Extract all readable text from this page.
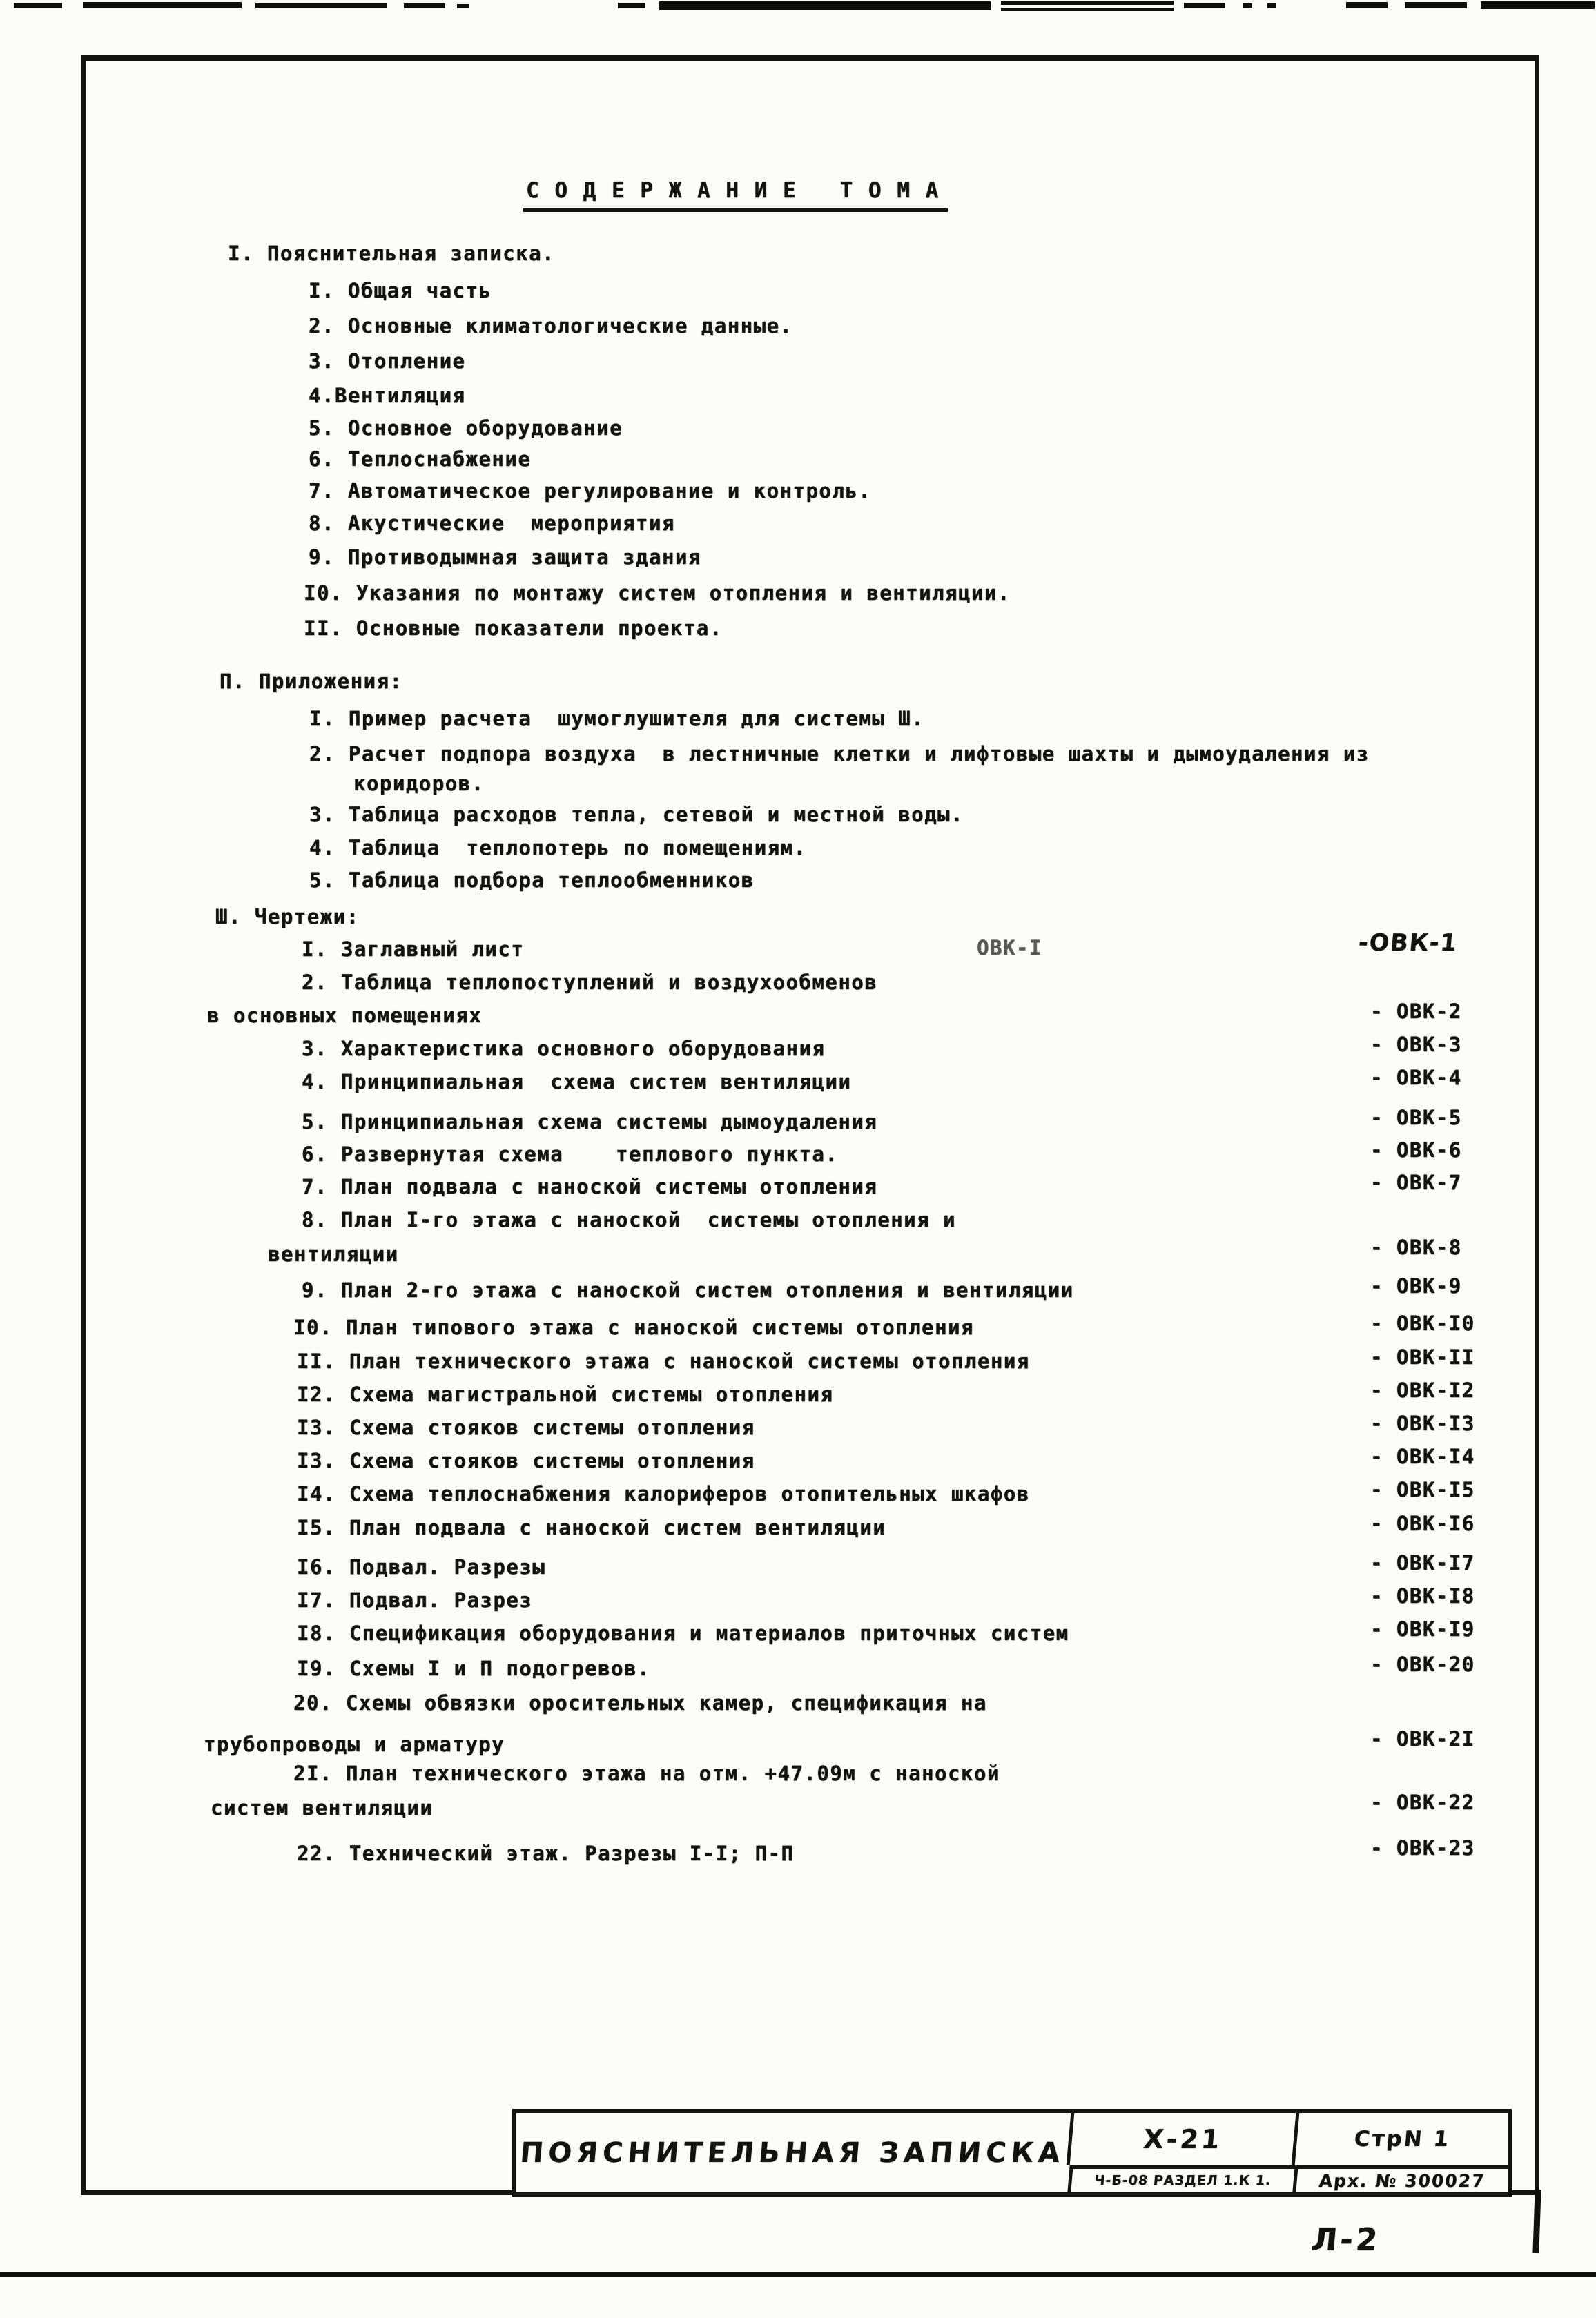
С О Д Е Р Ж А Н И Е   Т О М А
I. Пояснительная записка.
I. Общая часть
2. Основные климатологические данные.
3. Отопление
4.Вентиляция
5. Основное оборудование
6. Теплоснабжение
7. Автоматическое регулирование и контроль.
8. Акустические  мероприятия
9. Противодымная защита здания
I0. Указания по монтажу систем отопления и вентиляции.
II. Основные показатели проекта.
П. Приложения:
I. Пример расчета  шумоглушителя для системы Ш.
2. Расчет подпора воздуха  в лестничные клетки и лифтовые шахты и дымоудаления из
коридоров.
3. Таблица расходов тепла, сетевой и местной воды.
4. Таблица  теплопотерь по помещениям.
5. Таблица подбора теплообменников
Ш. Чертежи:
I. Заглавный лист	ОВК-I	-ОВК-1
2. Таблица теплопоступлений и воздухообменов
в основных помещениях	- ОВК-2
3. Характеристика основного оборудования	- ОВК-3
4. Принципиальная  схема систем вентиляции	- ОВК-4
5. Принципиальная схема системы дымоудаления	- ОВК-5
6. Развернутая схема    теплового пункта.	- ОВК-6
7. План подвала с наноской системы отопления	- ОВК-7
8. План I-го этажа с наноской  системы отопления и
вентиляции	- ОВК-8
9. План 2-го этажа с наноской систем отопления и вентиляции	- ОВК-9
I0. План типового этажа с наноской системы отопления	- ОВК-I0
II. План технического этажа с наноской системы отопления	- ОВК-II
I2. Схема магистральной системы отопления	- ОВК-I2
I3. Схема стояков системы отопления	- ОВК-I3
I3. Схема стояков системы отопления	- ОВК-I4
I4. Схема теплоснабжения калориферов отопительных шкафов	- ОВК-I5
I5. План подвала с наноской систем вентиляции	- ОВК-I6
I6. Подвал. Разрезы	- ОВК-I7
I7. Подвал. Разрез	- ОВК-I8
I8. Спецификация оборудования и материалов приточных систем	- ОВК-I9
I9. Схемы I и П подогревов.	- ОВК-20
20. Схемы обвязки оросительных камер, спецификация на
трубопроводы и арматуру	- ОВК-2I
2I. План технического этажа на отм. +47.09м с наноской
систем вентиляции	- ОВК-22
22. Технический этаж. Разрезы I-I; П-П	- ОВК-23
ПОЯСНИТЕЛЬНАЯ ЗАПИСКА	Х-21	СтрN 1
Ч-Б-08 РАЗДЕЛ 1.К 1.	Арх. № 300027
Л-2
